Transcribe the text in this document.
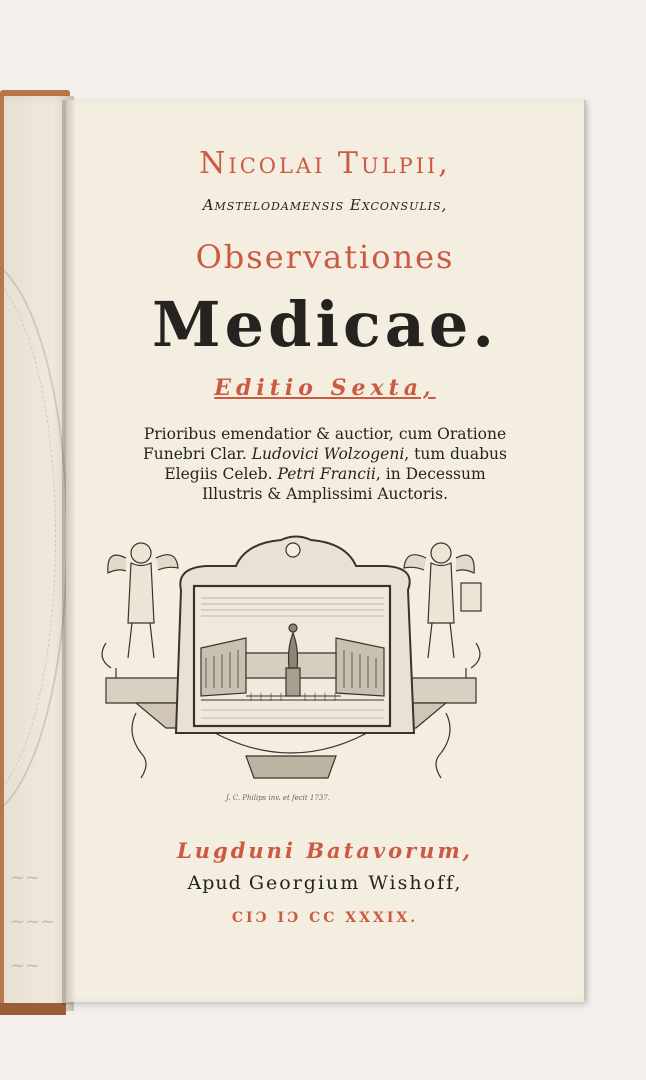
~~
~~~
~~
Nicolai Tulpii,
Amstelodamensis Exconsulis,
Observationes
Medicae.
Editio Sexta,
Prioribus emendatior & auctior, cum Oratione
Funebri Clar. Ludovici Wolzogeni, tum duabus
Elegiis Celeb. Petri Francii, in Decessum
Illustris & Amplissimi Auctoris.
J. C. Philips inv. et fecit 1737.
Lugduni Batavorum,
Apud Georgium Wishoff,
CIƆ IƆ CC XXXIX.
